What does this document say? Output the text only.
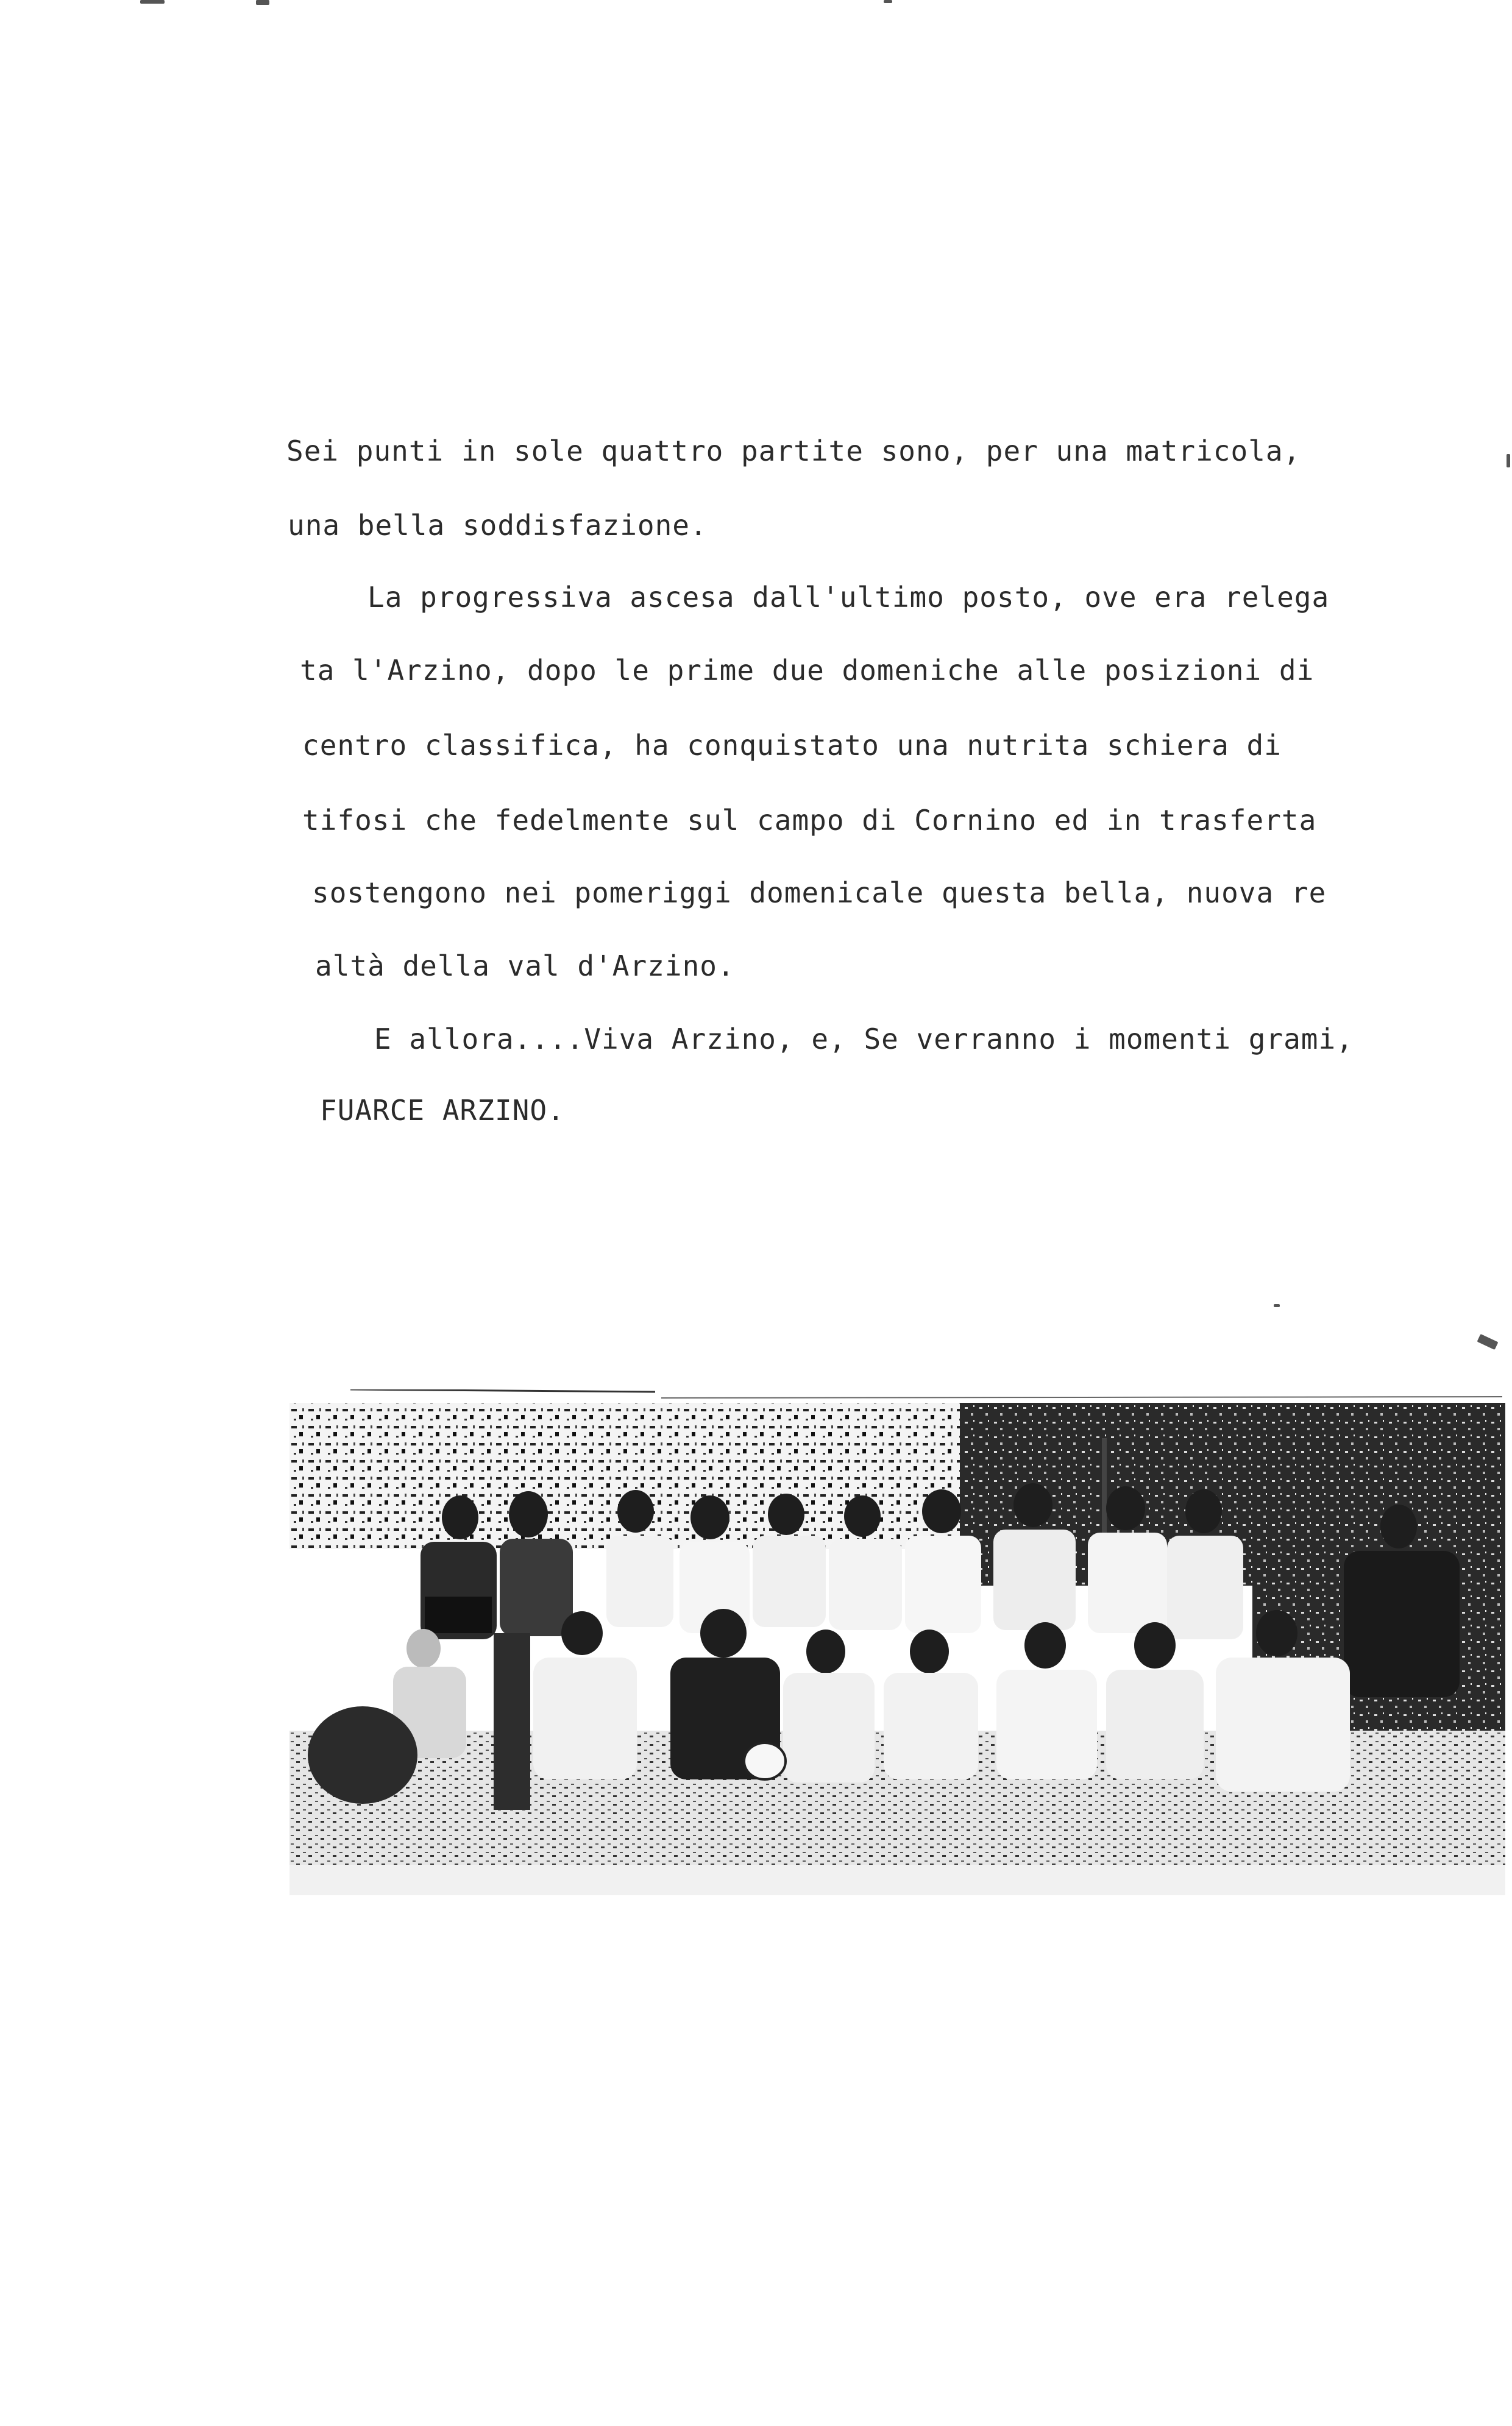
Sei punti in sole quattro partite sono, per una matricola,
una bella soddisfazione.
La progressiva ascesa dall'ultimo posto, ove era relega
ta l'Arzino, dopo le prime due domeniche alle posizioni di
centro classifica, ha conquistato una nutrita schiera di
tifosi che fedelmente sul campo di Cornino ed in trasferta
sostengono nei pomeriggi domenicale questa bella, nuova re
altà della val d'Arzino.
E allora....Viva Arzino, e, Se verranno i momenti grami,
FUARCE ARZINO.
